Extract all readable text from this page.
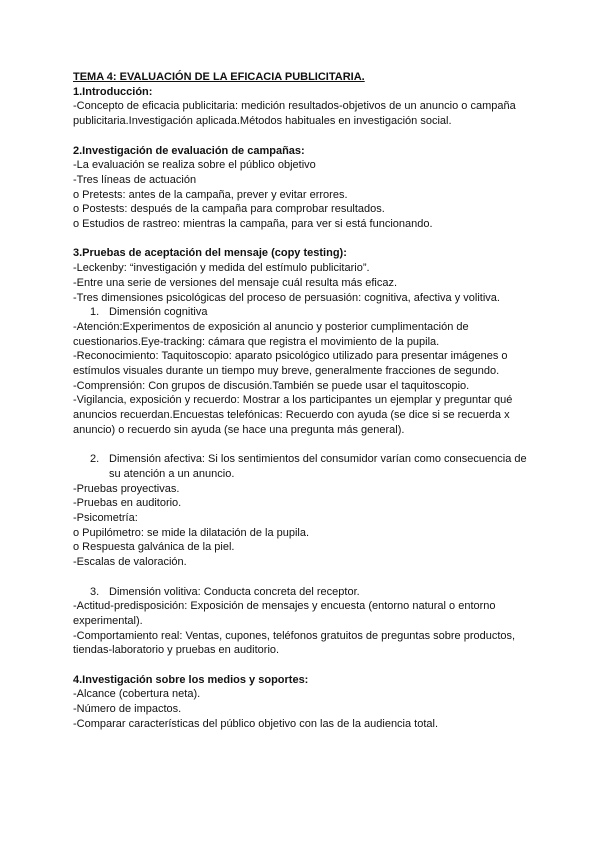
TEMA 4: EVALUACIÓN DE LA EFICACIA PUBLICITARIA.

1.Introducción:

-Concepto de eficacia publicitaria: medición resultados-objetivos de un anuncio o campaña publicitaria.Investigación aplicada.Métodos habituales en investigación social.

2.Investigación de evaluación de campañas:

-La evaluación se realiza sobre el público objetivo

-Tres líneas de actuación

o Pretests: antes de la campaña, prever y evitar errores.

o Postests: después de la campaña para comprobar resultados.

o Estudios de rastreo: mientras la campaña, para ver si está funcionando.

3.Pruebas de aceptación del mensaje (copy testing):

-Leckenby: “investigación y medida del estímulo publicitario”.

-Entre una serie de versiones del mensaje cuál resulta más eficaz.

-Tres dimensiones psicológicas del proceso de persuasión: cognitiva, afectiva y volitiva.

1. Dimensión cognitiva

-Atención:Experimentos de exposición al anuncio y posterior cumplimentación de cuestionarios.Eye-tracking: cámara que registra el movimiento de la pupila.

-Reconocimiento: Taquitoscopio: aparato psicológico utilizado para presentar imágenes o estímulos visuales durante un tiempo muy breve, generalmente fracciones de segundo.

-Comprensión: Con grupos de discusión.También se puede usar el taquitoscopio.

-Vigilancia, exposición y recuerdo: Mostrar a los participantes un ejemplar y preguntar qué anuncios recuerdan.Encuestas telefónicas: Recuerdo con ayuda (se dice si se recuerda x anuncio) o recuerdo sin ayuda (se hace una pregunta más general).

2. Dimensión afectiva: Si los sentimientos del consumidor varían como consecuencia de su atención a un anuncio.

-Pruebas proyectivas.

-Pruebas en auditorio.

-Psicometría:

o Pupilómetro: se mide la dilatación de la pupila.

o Respuesta galvánica de la piel.

-Escalas de valoración.

3. Dimensión volitiva: Conducta concreta del receptor.

-Actitud-predisposición: Exposición de mensajes y encuesta (entorno natural o entorno experimental).

-Comportamiento real: Ventas, cupones, teléfonos gratuitos de preguntas sobre productos, tiendas-laboratorio y pruebas en auditorio.

4.Investigación sobre los medios y soportes:

-Alcance (cobertura neta).

-Número de impactos.

-Comparar características del público objetivo con las de la audiencia total.
